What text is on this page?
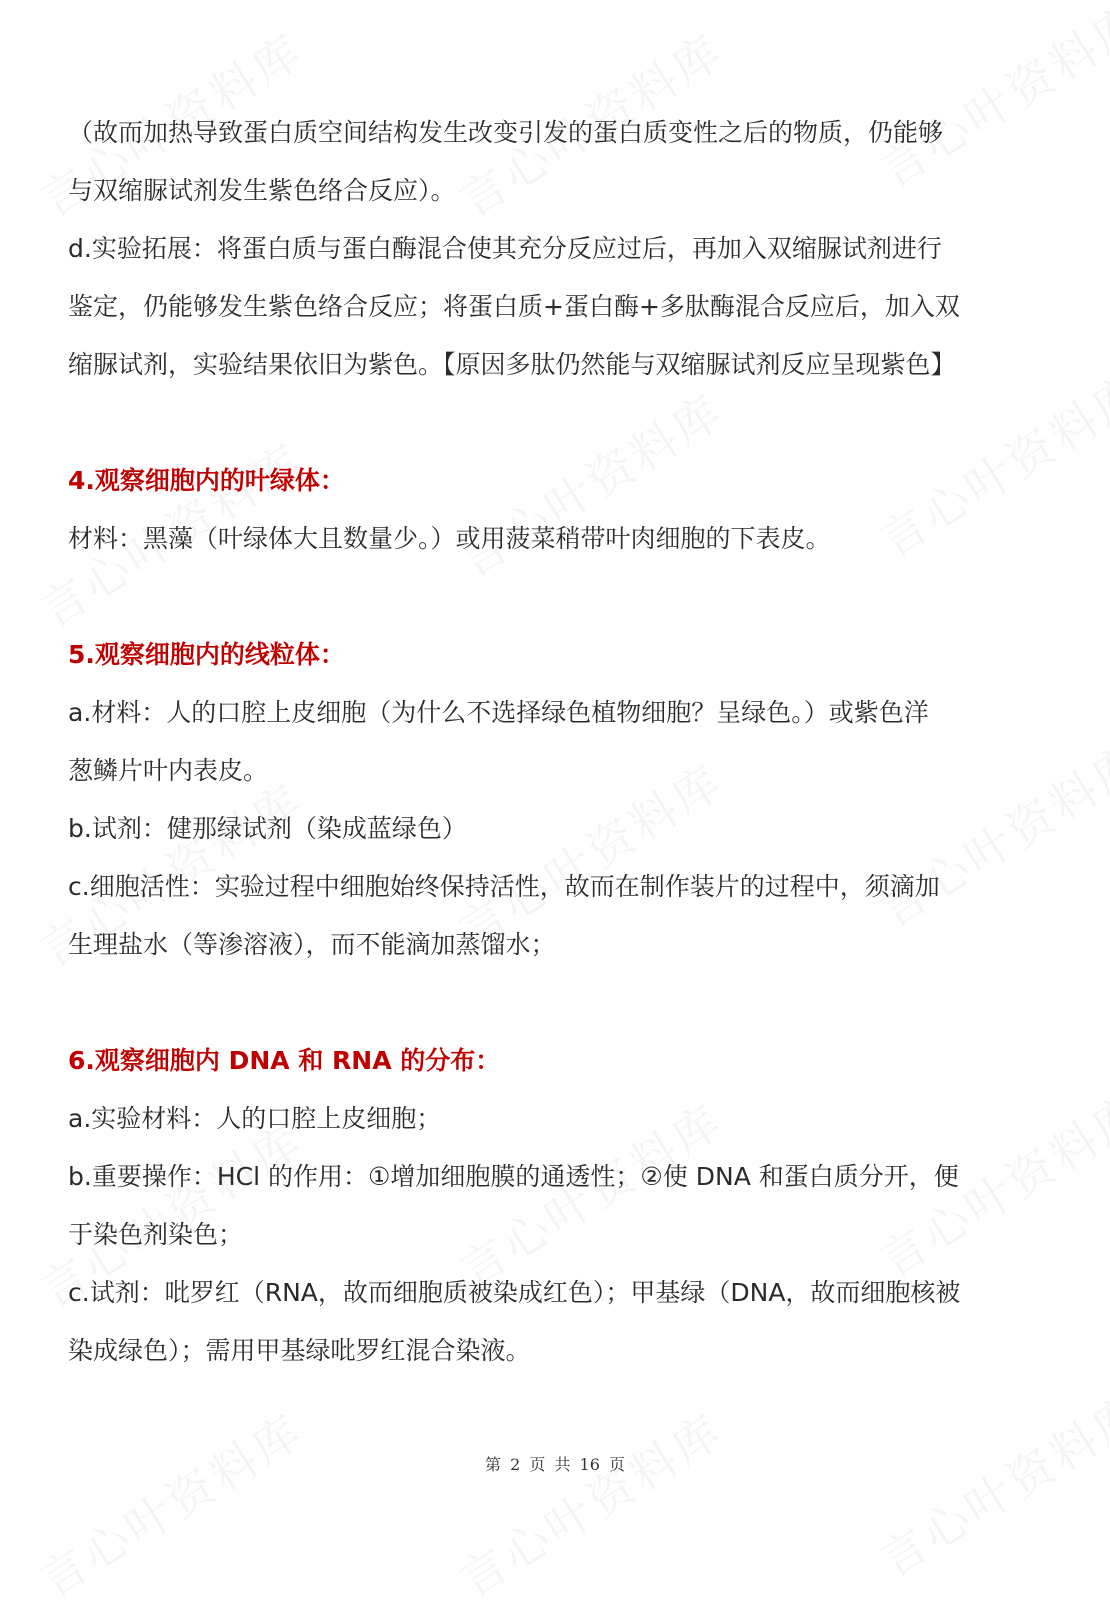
（故而加热导致蛋白质空间结构发生改变引发的蛋白质变性之后的物质，仍能够
与双缩脲试剂发生紫色络合反应）。
d.实验拓展：将蛋白质与蛋白酶混合使其充分反应过后，再加入双缩脲试剂进行
鉴定，仍能够发生紫色络合反应；将蛋白质+蛋白酶+多肽酶混合反应后，加入双
缩脲试剂，实验结果依旧为紫色。【原因多肽仍然能与双缩脲试剂反应呈现紫色】
4.观察细胞内的叶绿体：
材料：黑藻（叶绿体大且数量少。）或用菠菜稍带叶肉细胞的下表皮。
5.观察细胞内的线粒体：
a.材料：人的口腔上皮细胞（为什么不选择绿色植物细胞？呈绿色。）或紫色洋
葱鳞片叶内表皮。
b.试剂：健那绿试剂（染成蓝绿色）
c.细胞活性：实验过程中细胞始终保持活性，故而在制作装片的过程中，须滴加
生理盐水（等渗溶液），而不能滴加蒸馏水；
6.观察细胞内 DNA 和 RNA 的分布：
a.实验材料：人的口腔上皮细胞；
b.重要操作：HCl 的作用：①增加细胞膜的通透性；②使 DNA 和蛋白质分开，便
于染色剂染色；
c.试剂：吡罗红（RNA，故而细胞质被染成红色）；甲基绿（DNA，故而细胞核被
染成绿色）；需用甲基绿吡罗红混合染液。
第 2 页 共 16 页
